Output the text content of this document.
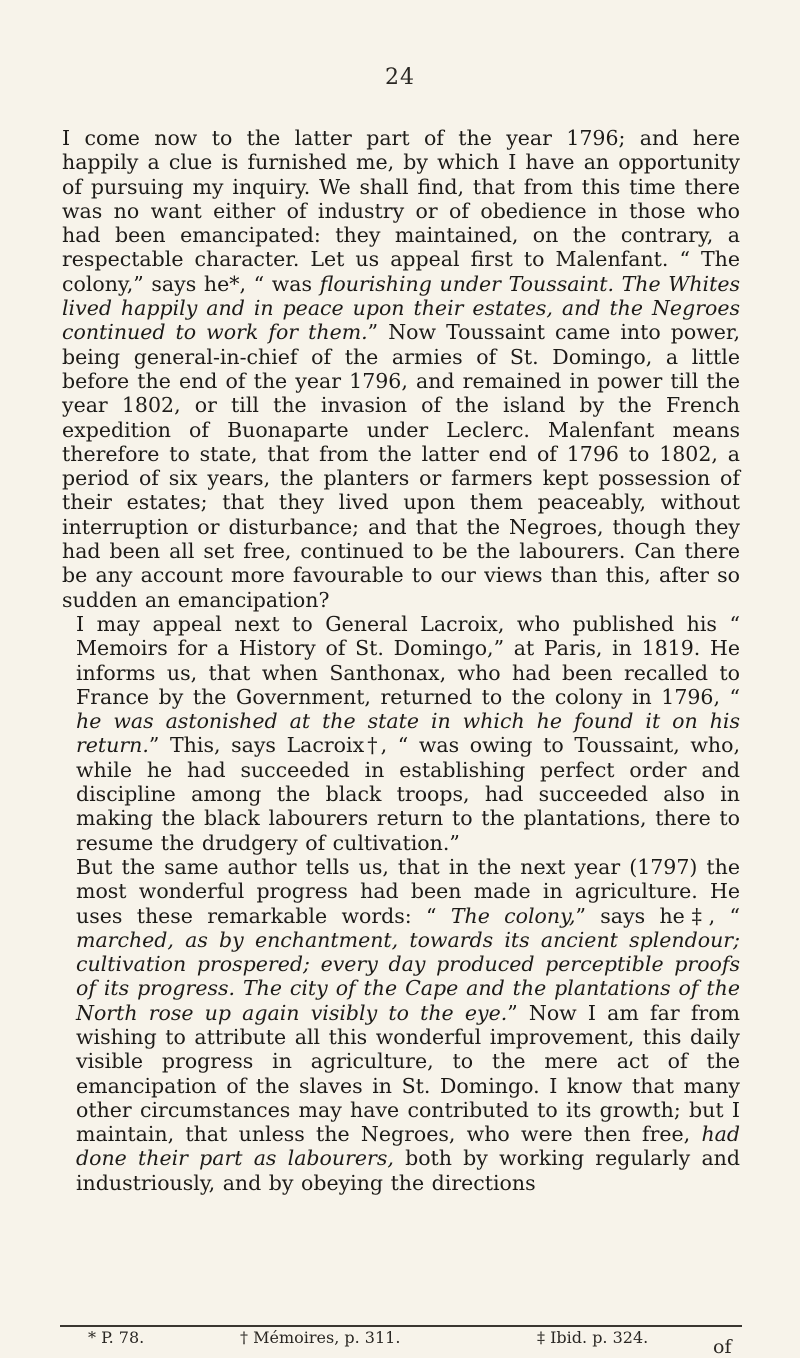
24

I come now to the latter part of the year 1796; and here happily a clue is furnished me, by which I have an opportunity of pursuing my inquiry. We shall find, that from this time there was no want either of industry or of obedience in those who had been emancipated: they maintained, on the contrary, a respectable character. Let us appeal first to Malenfant. “ The colony,” says he*, “ was flourishing under Toussaint. The Whites lived happily and in peace upon their estates, and the Negroes continued to work for them.” Now Toussaint came into power, being general-in-chief of the armies of St. Domingo, a little before the end of the year 1796, and remained in power till the year 1802, or till the invasion of the island by the French expedition of Buonaparte under Leclerc. Malenfant means therefore to state, that from the latter end of 1796 to 1802, a period of six years, the planters or farmers kept possession of their estates; that they lived upon them peaceably, without interruption or disturbance; and that the Negroes, though they had been all set free, continued to be the labourers. Can there be any account more favourable to our views than this, after so sudden an emancipation?

I may appeal next to General Lacroix, who published his “ Memoirs for a History of St. Domingo,” at Paris, in 1819. He informs us, that when Santhonax, who had been recalled to France by the Government, returned to the colony in 1796, “ he was astonished at the state in which he found it on his return.” This, says Lacroix†, “ was owing to Toussaint, who, while he had succeeded in establishing perfect order and discipline among the black troops, had succeeded also in making the black labourers return to the plantations, there to resume the drudgery of cultivation.”

But the same author tells us, that in the next year (1797) the most wonderful progress had been made in agriculture. He uses these remarkable words: “ The colony,” says he‡, “ marched, as by enchantment, towards its ancient splendour; cultivation prospered; every day produced perceptible proofs of its progress. The city of the Cape and the plantations of the North rose up again visibly to the eye.” Now I am far from wishing to attribute all this wonderful improvement, this daily visible progress in agriculture, to the mere act of the emancipation of the slaves in St. Domingo. I know that many other circumstances may have contributed to its growth; but I maintain, that unless the Negroes, who were then free, had done their part as labourers, both by working regularly and industriously, and by obeying the directions

* P. 78.	† Mémoires, p. 311.	‡ Ibid. p. 324.	of
